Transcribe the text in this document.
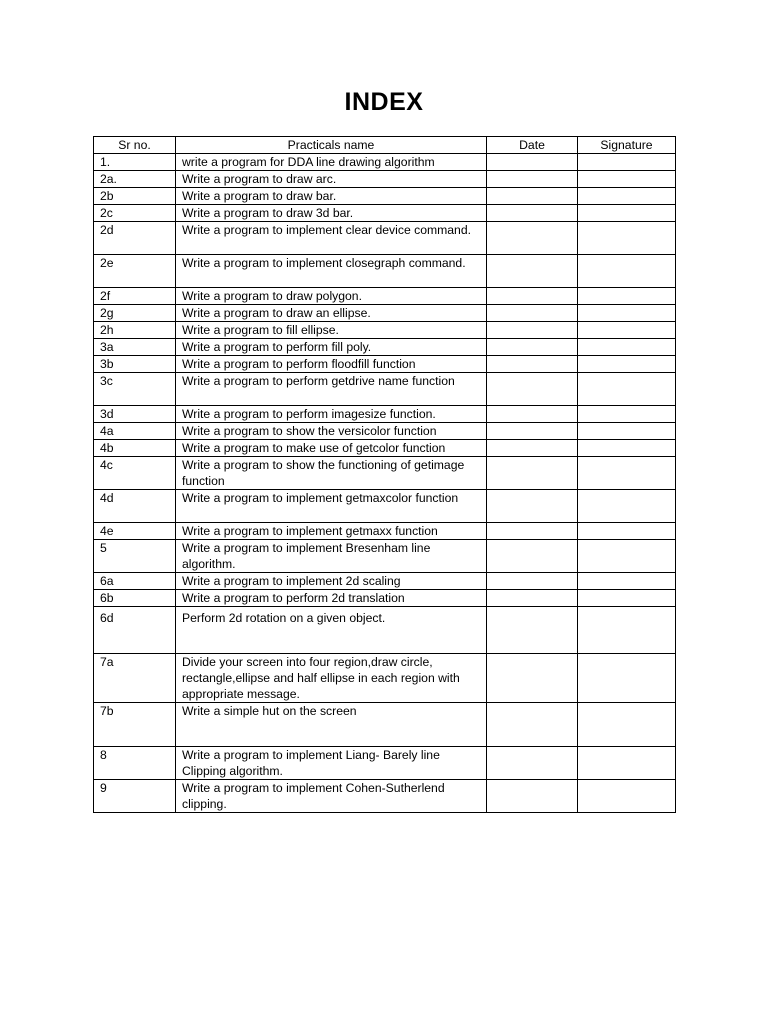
INDEX
Sr no.	Practicals name	Date	Signature
1.	write a program for DDA line drawing algorithm		
2a.	Write a program to draw arc.		
2b	Write a program to draw bar.		
2c	Write a program to draw 3d bar.		
2d	Write a program to implement clear device command.		
2e	Write a program to implement closegraph command.		
2f	Write a program to draw polygon.		
2g	Write a program to draw an ellipse.		
2h	Write a program to fill ellipse.		
3a	Write a program to perform fill poly.		
3b	Write a program to perform floodfill function		
3c	Write a program to perform getdrive name function		
3d	Write a program to perform imagesize function.		
4a	Write a program to show the versicolor function		
4b	Write a program to make use of getcolor function		
4c	Write a program to show the functioning of getimage function		
4d	Write a program to implement getmaxcolor function		
4e	Write a program to implement getmaxx function		
5	Write a program to implement Bresenham line algorithm.		
6a	Write a program to implement 2d scaling		
6b	Write a program to perform 2d translation		
6d	Perform 2d rotation on a given object.		
7a	Divide your screen into four region,draw circle, rectangle,ellipse and half ellipse in each region with appropriate message.		
7b	Write a simple hut on the screen		
8	Write a program to implement Liang- Barely line Clipping algorithm.		
9	Write a program to implement Cohen-Sutherlend clipping.		
